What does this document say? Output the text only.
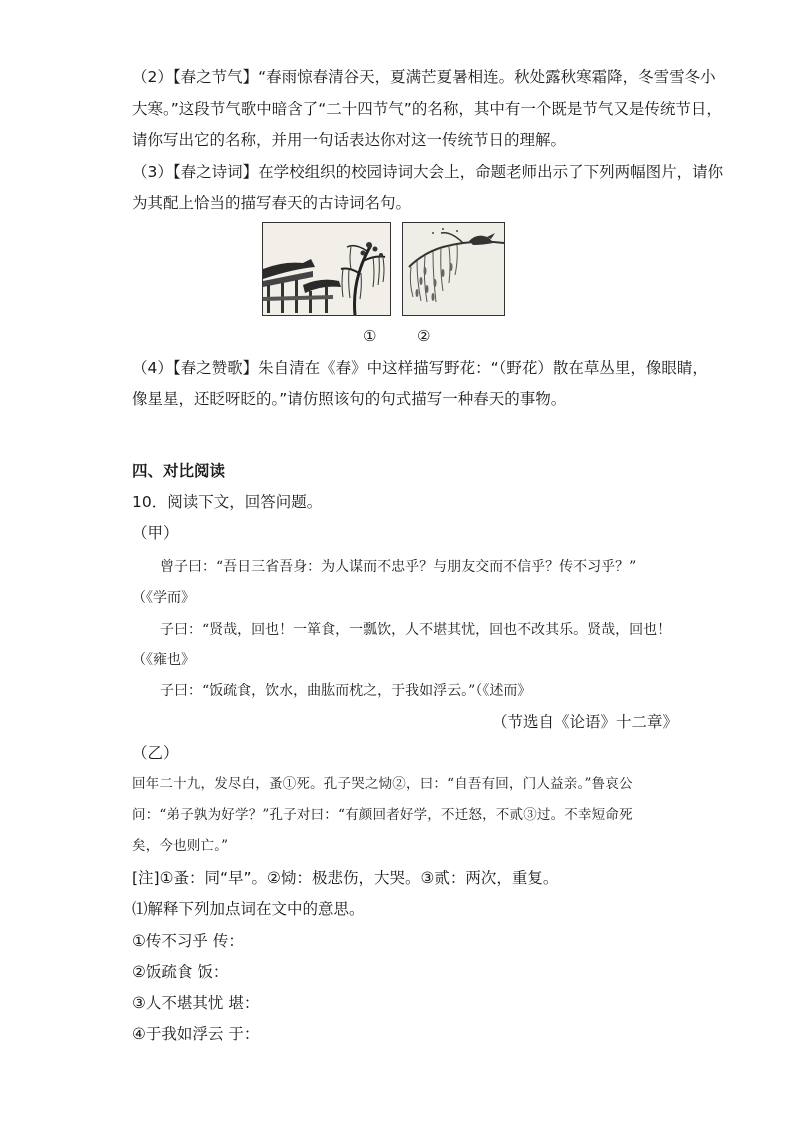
（2）【春之节气】“春雨惊春清谷天，夏满芒夏暑相连。秋处露秋寒霜降，冬雪雪冬小
大寒。”这段节气歌中暗含了“二十四节气”的名称，其中有一个既是节气又是传统节日，
请你写出它的名称，并用一句话表达你对这一传统节日的理解。
（3）【春之诗词】在学校组织的校园诗词大会上，命题老师出示了下列两幅图片，请你
为其配上恰当的描写春天的古诗词名句。
①	②
（4）【春之赞歌】朱自清在《春》中这样描写野花：“（野花）散在草丛里，像眼睛，
像星星，还眨呀眨的。”请仿照该句的句式描写一种春天的事物。
四、对比阅读
10．阅读下文，回答问题。
（甲）
曾子曰：“吾日三省吾身：为人谋而不忠乎？与朋友交而不信乎？传不习乎？”
（《学而》
子曰：“贤哉，回也！一箪食，一瓢饮，人不堪其忧，回也不改其乐。贤哉，回也！
（《雍也》
子曰：“饭疏食，饮水，曲肱而枕之，于我如浮云。”（《述而》
（节选自《论语》十二章》
（乙）
回年二十九，发尽白，蚤①死。孔子哭之恸②，曰：“自吾有回，门人益亲。”鲁哀公
问：“弟子孰为好学？”孔子对曰：“有颜回者好学，不迁怒，不贰③过。不幸短命死
矣，今也则亡。”
[注]①蚤：同“早”。②恸：极悲伤，大哭。③贰：两次，重复。
⑴解释下列加点词在文中的意思。
①传不习乎 传：
②饭疏食 饭：
③人不堪其忧 堪：
④于我如浮云 于：
